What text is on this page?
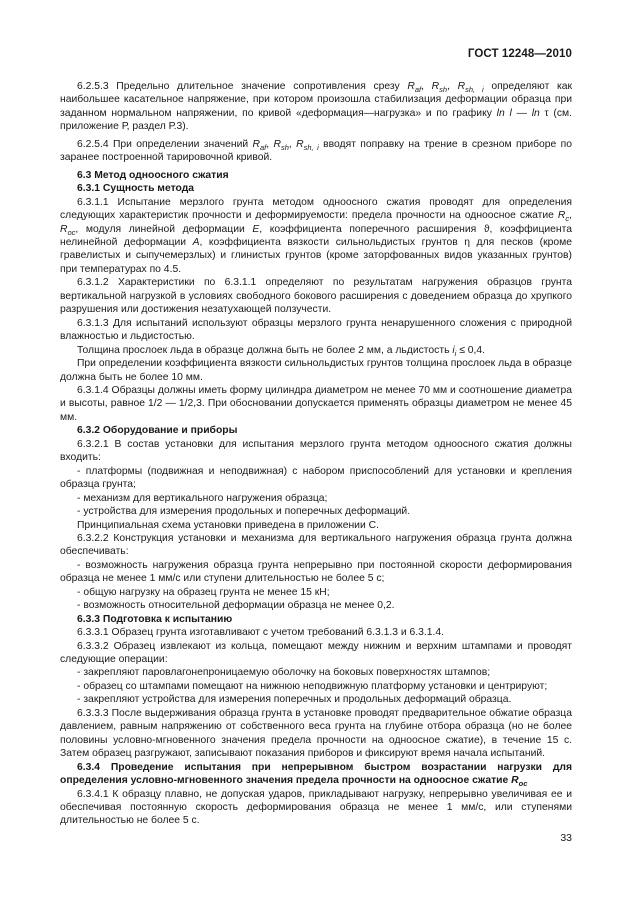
ГОСТ 12248—2010

6.2.5.3 Предельно длительное значение сопротивления срезу $R_{af}$, $R_{sh}$, $R_{sh, i}$ определяют как наибольшее касательное напряжение, при котором произошла стабилизация деформации образца при заданном нормальном напряжении, по кривой «деформация—нагрузка» и по графику ln l — ln τ (см. приложение Р, раздел Р.3).

6.2.5.4 При определении значений $R_{af}$, $R_{sh}$, $R_{sh, i}$ вводят поправку на трение в срезном приборе по заранее построенной тарировочной кривой.

6.3 Метод одноосного сжатия

6.3.1 Сущность метода

6.3.1.1 Испытание мерзлого грунта методом одноосного сжатия проводят для определения следующих характеристик прочности и деформируемости: предела прочности на одноосное сжатие $R_c$, $R_{oc}$, модуля линейной деформации E, коэффициента поперечного расширения ϑ, коэффициента нелинейной деформации A, коэффициента вязкости сильнольдистых грунтов η для песков (кроме гравелистых и сыпучемерзлых) и глинистых грунтов (кроме заторфованных видов указанных грунтов) при температурах по 4.5.

6.3.1.2 Характеристики по 6.3.1.1 определяют по результатам нагружения образцов грунта вертикальной нагрузкой в условиях свободного бокового расширения с доведением образца до хрупкого разрушения или достижения незатухающей ползучести.

6.3.1.3 Для испытаний используют образцы мерзлого грунта ненарушенного сложения с природной влажностью и льдистостью.

Толщина прослоек льда в образце должна быть не более 2 мм, а льдистость $i_i \le 0,4$.

При определении коэффициента вязкости сильнольдистых грунтов толщина прослоек льда в образце должна быть не более 10 мм.

6.3.1.4 Образцы должны иметь форму цилиндра диаметром не менее 70 мм и соотношение диаметра и высоты, равное 1/2 — 1/2,3. При обосновании допускается применять образцы диаметром не менее 45 мм.

6.3.2 Оборудование и приборы

6.3.2.1 В состав установки для испытания мерзлого грунта методом одноосного сжатия должны входить:

- платформы (подвижная и неподвижная) с набором приспособлений для установки и крепления образца грунта;

- механизм для вертикального нагружения образца;

- устройства для измерения продольных и поперечных деформаций.

Принципиальная схема установки приведена в приложении С.

6.3.2.2 Конструкция установки и механизма для вертикального нагружения образца грунта должна обеспечивать:

- возможность нагружения образца грунта непрерывно при постоянной скорости деформирования образца не менее 1 мм/с или ступени длительностью не более 5 с;

- общую нагрузку на образец грунта не менее 15 кН;

- возможность относительной деформации образца не менее 0,2.

6.3.3 Подготовка к испытанию

6.3.3.1 Образец грунта изготавливают с учетом требований 6.3.1.3 и 6.3.1.4.

6.3.3.2 Образец извлекают из кольца, помещают между нижним и верхним штампами и проводят следующие операции:

- закрепляют паровлагонепроницаемую оболочку на боковых поверхностях штампов;

- образец со штампами помещают на нижнюю неподвижную платформу установки и центрируют;

- закрепляют устройства для измерения поперечных и продольных деформаций образца.

6.3.3.3 После выдерживания образца грунта в установке проводят предварительное обжатие образца давлением, равным напряжению от собственного веса грунта на глубине отбора образца (но не более половины условно-мгновенного значения предела прочности на одноосное сжатие), в течение 15 с. Затем образец разгружают, записывают показания приборов и фиксируют время начала испытаний.

6.3.4 Проведение испытания при непрерывном быстром возрастании нагрузки для определения условно-мгновенного значения предела прочности на одноосное сжатие $R_{oc}$

6.3.4.1 К образцу плавно, не допуская ударов, прикладывают нагрузку, непрерывно увеличивая ее и обеспечивая постоянную скорость деформирования образца не менее 1 мм/с, или ступенями длительностью не более 5 с.

33
